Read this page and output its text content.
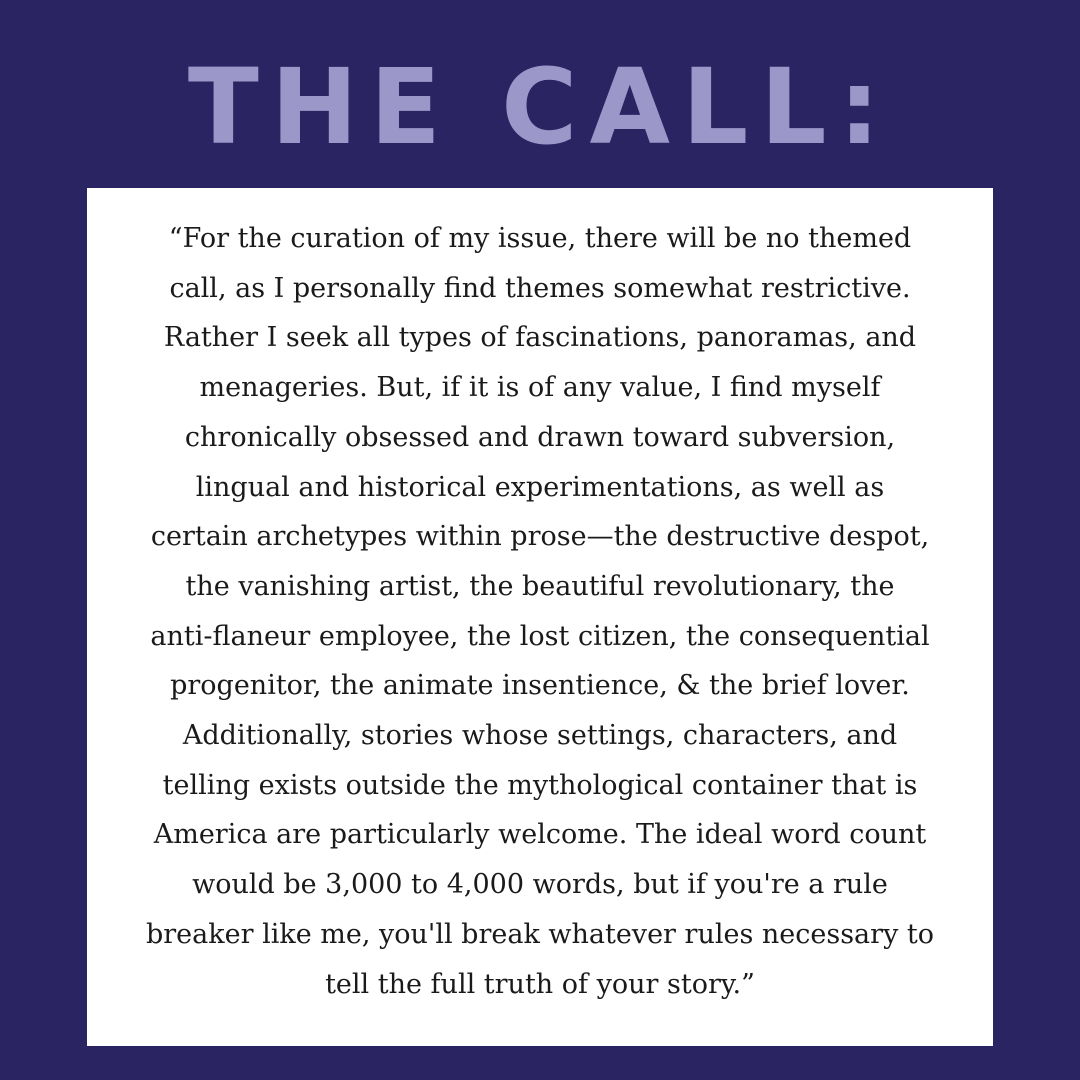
THE CALL:

“For the curation of my issue, there will be no themed
call, as I personally find themes somewhat restrictive.
Rather I seek all types of fascinations, panoramas, and
menageries. But, if it is of any value, I find myself
chronically obsessed and drawn toward subversion,
lingual and historical experimentations, as well as
certain archetypes within prose—the destructive despot,
the vanishing artist, the beautiful revolutionary, the
anti-flaneur employee, the lost citizen, the consequential
progenitor, the animate insentience, & the brief lover.
Additionally, stories whose settings, characters, and
telling exists outside the mythological container that is
America are particularly welcome. The ideal word count
would be 3,000 to 4,000 words, but if you're a rule
breaker like me, you'll break whatever rules necessary to
tell the full truth of your story.”
